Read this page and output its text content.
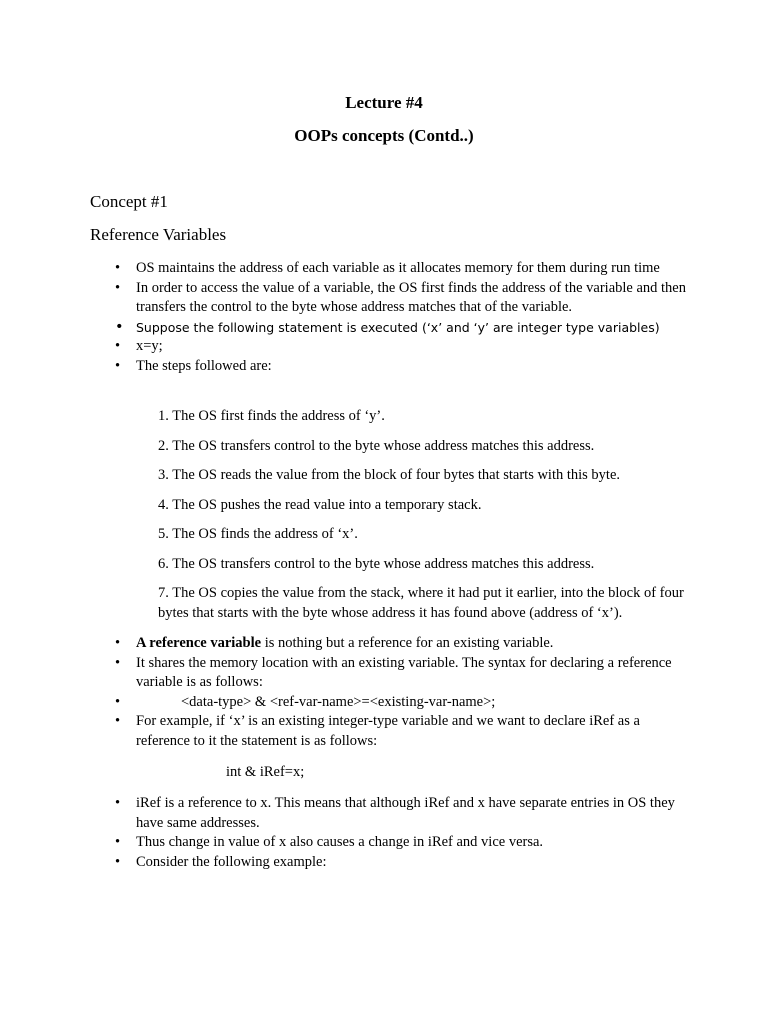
Lecture #4
OOPs concepts (Contd..)
Concept #1
Reference Variables
• OS maintains the address of each variable as it allocates memory for them during run time
• In order to access the value of a variable, the OS first finds the address of the variable and then transfers the control to the byte whose address matches that of the variable.
• Suppose the following statement is executed (‘x’ and ‘y’ are integer type variables)
• x=y;
• The steps followed are:
1. The OS first finds the address of ‘y’.
2. The OS transfers control to the byte whose address matches this address.
3. The OS reads the value from the block of four bytes that starts with this byte.
4. The OS pushes the read value into a temporary stack.
5. The OS finds the address of ‘x’.
6. The OS transfers control to the byte whose address matches this address.
7. The OS copies the value from the stack, where it had put it earlier, into the block of four bytes that starts with the byte whose address it has found above (address of ‘x’).
• A reference variable is nothing but a reference for an existing variable.
• It shares the memory location with an existing variable. The syntax for declaring a reference variable is as follows:
• <data-type> & <ref-var-name>=<existing-var-name>;
• For example, if ‘x’ is an existing integer-type variable and we want to declare iRef as a reference to it the statement is as follows:
int & iRef=x;
• iRef is a reference to x. This means that although iRef and x have separate entries in OS they have same addresses.
• Thus change in value of x also causes a change in iRef and vice versa.
• Consider the following example:
